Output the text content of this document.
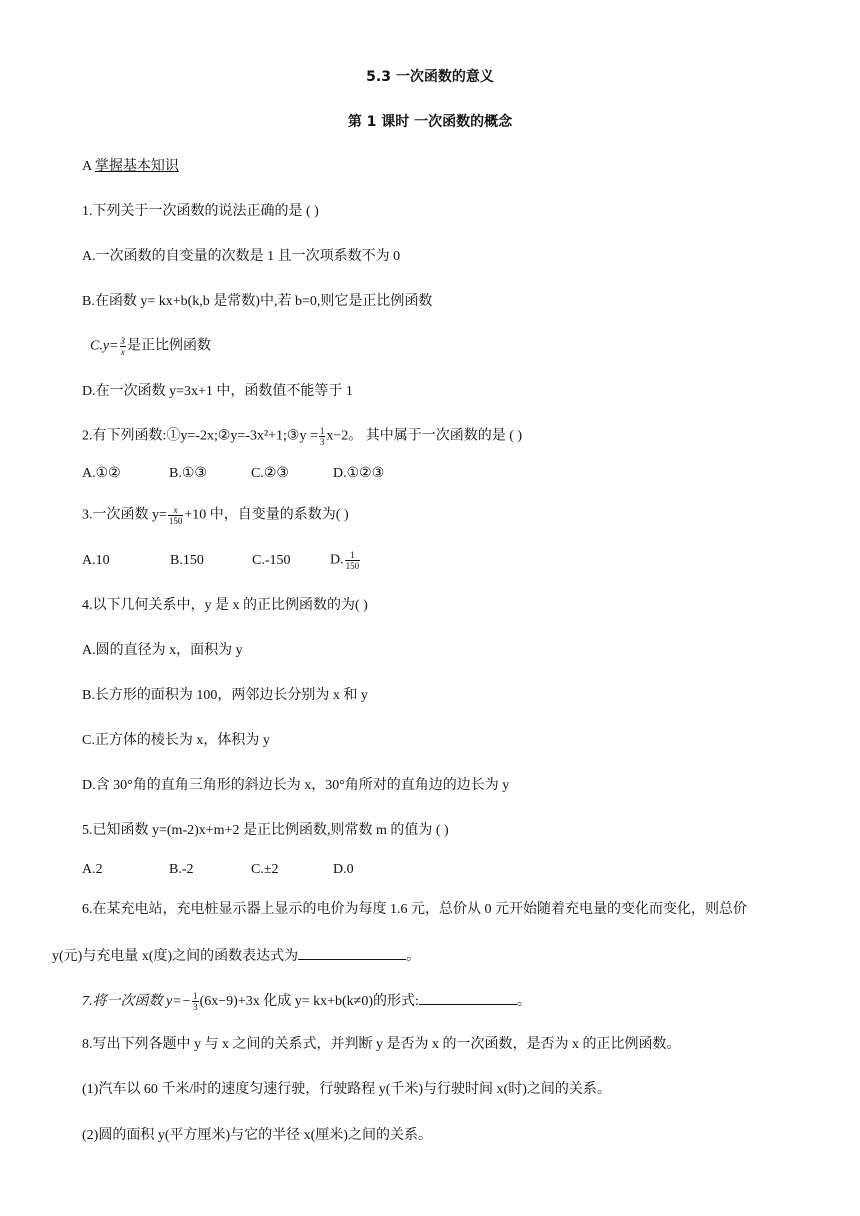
5.3 一次函数的意义
第 1 课时 一次函数的概念
A 掌握基本知识
1.下列关于一次函数的说法正确的是 ( )
A.一次函数的自变量的次数是 1 且一次项系数不为 0
B.在函数 y= kx+b(k,b 是常数)中,若 b=0,则它是正比例函数
$C.y= \frac{3}{x}$ 是正比例函数
D.在一次函数 y=3x+1 中，函数值不能等于 1
2.有下列函数:①y=-2x;②y=-3x²+1;③y = $\frac{1}{3} x-2$。 其中属于一次函数的是 ( )
A.①②	B.①③	C.②③	D.①②③
3.一次函数 $y= \frac{x}{150} +10$ 中，自变量的系数为( )
A.10	B.150	C.-150	D. $\frac{1}{150}$
4.以下几何关系中，y 是 x 的正比例函数的为( )
A.圆的直径为 x，面积为 y
B.长方形的面积为 100，两邻边长分别为 x 和 y
C.正方体的棱长为 x，体积为 y
D.含 30°角的直角三角形的斜边长为 x，30°角所对的直角边的边长为 y
5.已知函数 y=(m-2)x+m+2 是正比例函数,则常数 m 的值为 ( )
A.2	B.-2	C.±2	D.0
6.在某充电站，充电桩显示器上显示的电价为每度 1.6 元，总价从 0 元开始随着充电量的变化而变化，则总价
y(元)与充电量 x(度)之间的函数表达式为	。
7.将一次函数 $y=- \frac{1}{3} (6x-9)+3x$ 化成 y= kx+b(k≠0)的形式:	。
8.写出下列各题中 y 与 x 之间的关系式，并判断 y 是否为 x 的一次函数，是否为 x 的正比例函数。
(1)汽车以 60 千米/时的速度匀速行驶，行驶路程 y(千米)与行驶时间 x(时)之间的关系。
(2)圆的面积 y(平方厘米)与它的半径 x(厘米)之间的关系。
